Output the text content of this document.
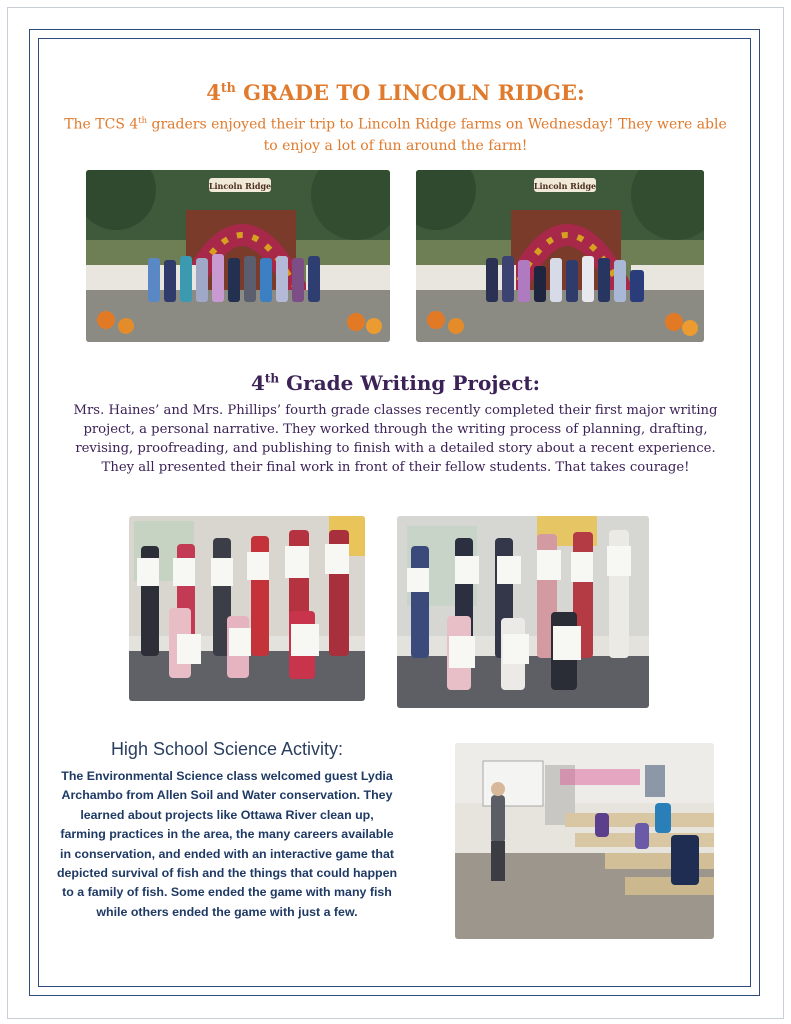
4th GRADE TO LINCOLN RIDGE:
The TCS 4th graders enjoyed their trip to Lincoln Ridge farms on Wednesday! They were able to enjoy a lot of fun around the farm!
Lincoln Ridge	Lincoln Ridge
4th Grade Writing Project:
Mrs. Haines’ and Mrs. Phillips’ fourth grade classes recently completed their first major writing project, a personal narrative. They worked through the writing process of planning, drafting, revising, proofreading, and publishing to finish with a detailed story about a recent experience. They all presented their final work in front of their fellow students. That takes courage!
High School Science Activity:
The Environmental Science class welcomed guest Lydia Archambo from Allen Soil and Water conservation. They learned about projects like Ottawa River clean up, farming practices in the area, the many careers available in conservation, and ended with an interactive game that depicted survival of fish and the things that could happen to a family of fish. Some ended the game with many fish while others ended the game with just a few.
